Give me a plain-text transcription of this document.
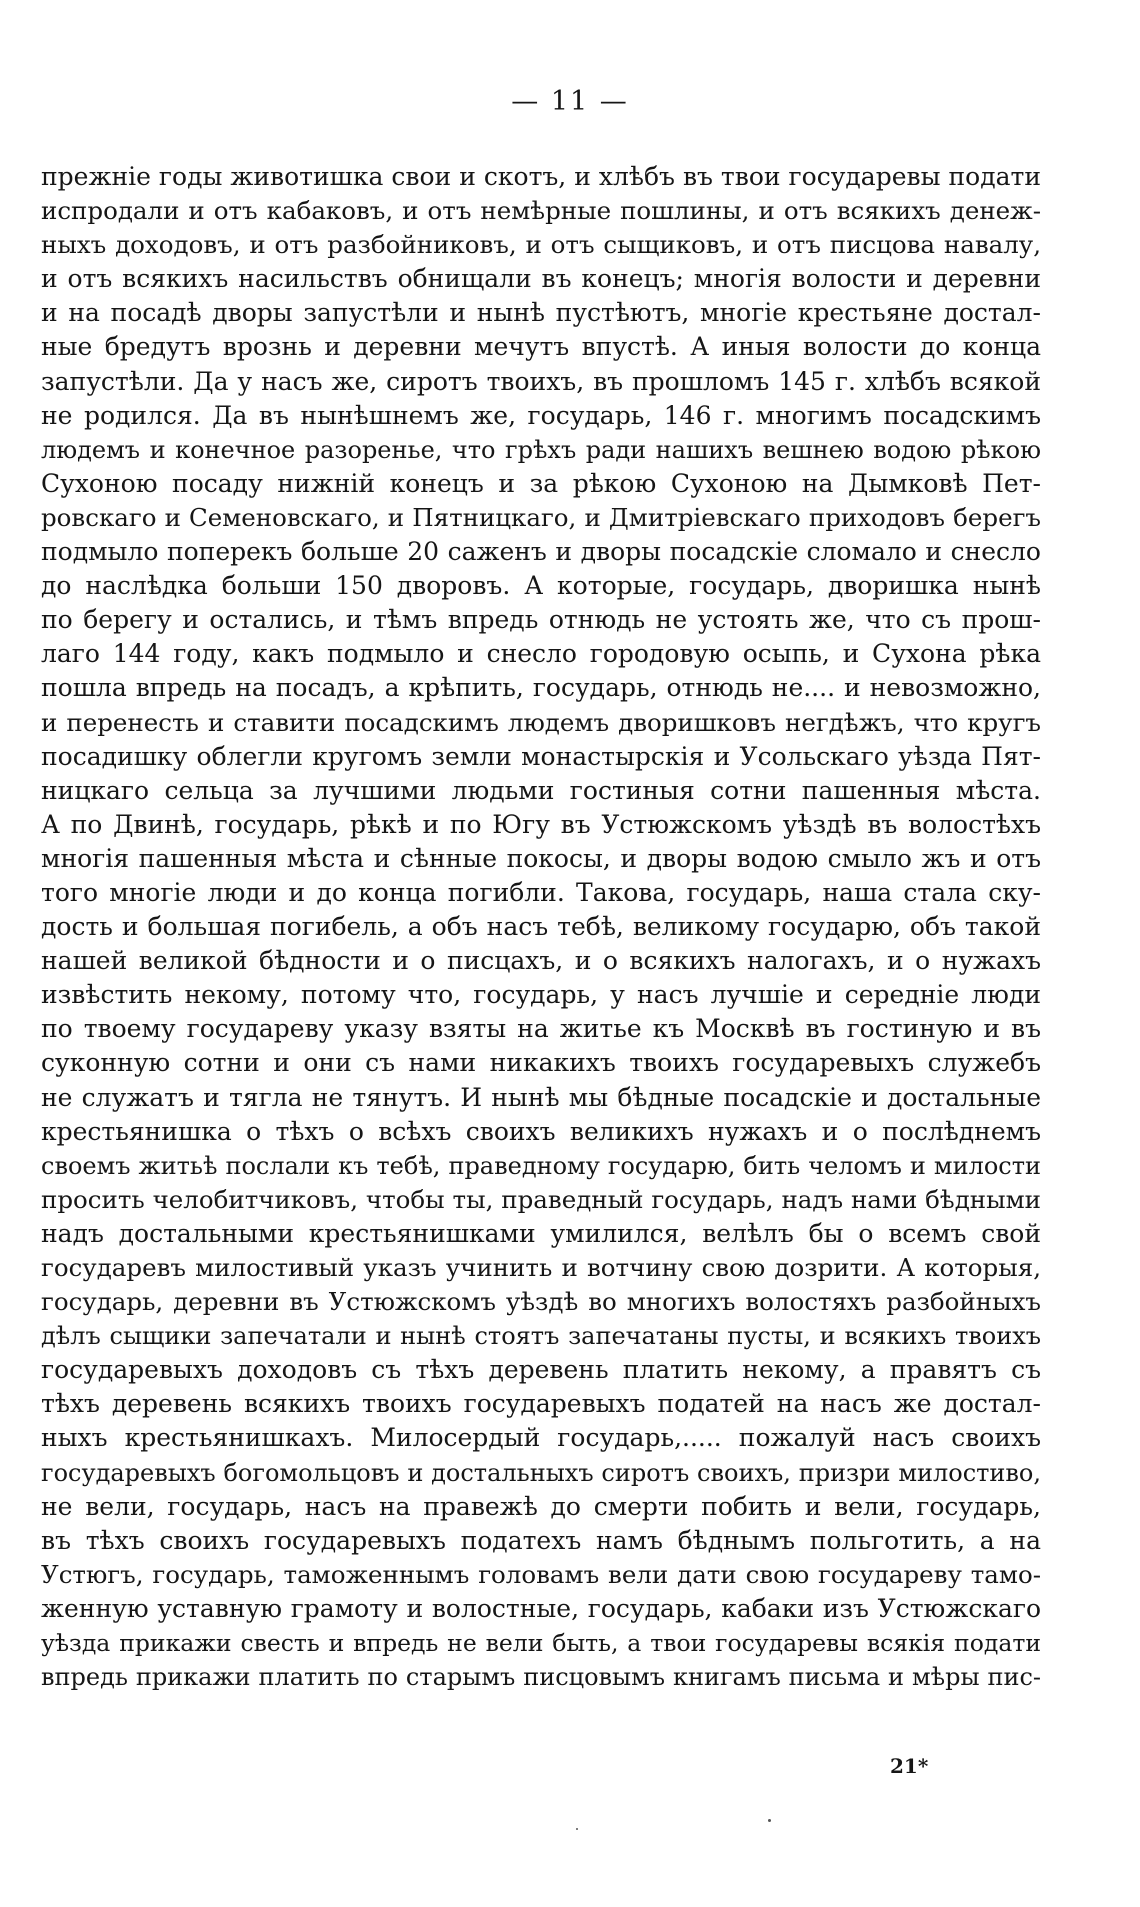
— 11 —
прежніе годы животишка свои и скотъ, и хлѣбъ въ твои государевы подати
испродали и отъ кабаковъ, и отъ немѣрные пошлины, и отъ всякихъ денеж-
ныхъ доходовъ, и отъ разбойниковъ, и отъ сыщиковъ, и отъ писцова навалу,
и отъ всякихъ насильствъ обнищали въ конецъ; многія волости и деревни
и на посадѣ дворы запустѣли и нынѣ пустѣютъ, многіе крестьяне достал-
ные бредутъ врознь и деревни мечутъ впустѣ. А иныя волости до конца
запустѣли. Да у насъ же, сиротъ твоихъ, въ прошломъ 145 г. хлѣбъ всякой
не родился. Да въ нынѣшнемъ же, государь, 146 г. многимъ посадскимъ
людемъ и конечное разоренье, что грѣхъ ради нашихъ вешнею водою рѣкою
Сухоною посаду нижній конецъ и за рѣкою Сухоною на Дымковѣ Пет-
ровскаго и Семеновскаго, и Пятницкаго, и Дмитріевскаго приходовъ берегъ
подмыло поперекъ больше 20 саженъ и дворы посадскіе сломало и снесло
до наслѣдка больши 150 дворовъ. А которые, государь, дворишка нынѣ
по берегу и остались, и тѣмъ впредь отнюдь не устоять же, что съ прош-
лаго 144 году, какъ подмыло и снесло городовую осыпь, и Сухона рѣка
пошла впредь на посадъ, а крѣпить, государь, отнюдь не.... и невозможно,
и перенесть и ставити посадскимъ людемъ дворишковъ негдѣжъ, что кругъ
посадишку облегли кругомъ земли монастырскія и Усольскаго уѣзда Пят-
ницкаго сельца за лучшими людьми гостиныя сотни пашенныя мѣста.
А по Двинѣ, государь, рѣкѣ и по Югу въ Устюжскомъ уѣздѣ въ волостѣхъ
многія пашенныя мѣста и сѣнные покосы, и дворы водою смыло жъ и отъ
того многіе люди и до конца погибли. Такова, государь, наша стала ску-
дость и большая погибель, а объ насъ тебѣ, великому государю, объ такой
нашей великой бѣдности и о писцахъ, и о всякихъ налогахъ, и о нужахъ
извѣстить некому, потому что, государь, у насъ лучшіе и середніе люди
по твоему государеву указу взяты на житье къ Москвѣ въ гостиную и въ
суконную сотни и они съ нами никакихъ твоихъ государевыхъ служебъ
не служатъ и тягла не тянутъ. И нынѣ мы бѣдные посадскіе и достальные
крестьянишка о тѣхъ о всѣхъ своихъ великихъ нужахъ и о послѣднемъ
своемъ житьѣ послали къ тебѣ, праведному государю, бить челомъ и милости
просить челобитчиковъ, чтобы ты, праведный государь, надъ нами бѣдными
надъ достальными крестьянишками умилился, велѣлъ бы о всемъ свой
государевъ милостивый указъ учинить и вотчину свою дозрити. А которыя,
государь, деревни въ Устюжскомъ уѣздѣ во многихъ волостяхъ разбойныхъ
дѣлъ сыщики запечатали и нынѣ стоятъ запечатаны пусты, и всякихъ твоихъ
государевыхъ доходовъ съ тѣхъ деревень платить некому, а правятъ съ
тѣхъ деревень всякихъ твоихъ государевыхъ податей на насъ же достал-
ныхъ крестьянишкахъ. Милосердый государь,..... пожалуй насъ своихъ
государевыхъ богомольцовъ и достальныхъ сиротъ своихъ, призри милостиво,
не вели, государь, насъ на правежѣ до смерти побить и вели, государь,
въ тѣхъ своихъ государевыхъ податехъ намъ бѣднымъ польготить, а на
Устюгъ, государь, таможеннымъ головамъ вели дати свою государеву тамо-
женную уставную грамоту и волостные, государь, кабаки изъ Устюжскаго
уѣзда прикажи свесть и впредь не вели быть, а твои государевы всякія подати
впредь прикажи платить по старымъ писцовымъ книгамъ письма и мѣры пис-
21*
